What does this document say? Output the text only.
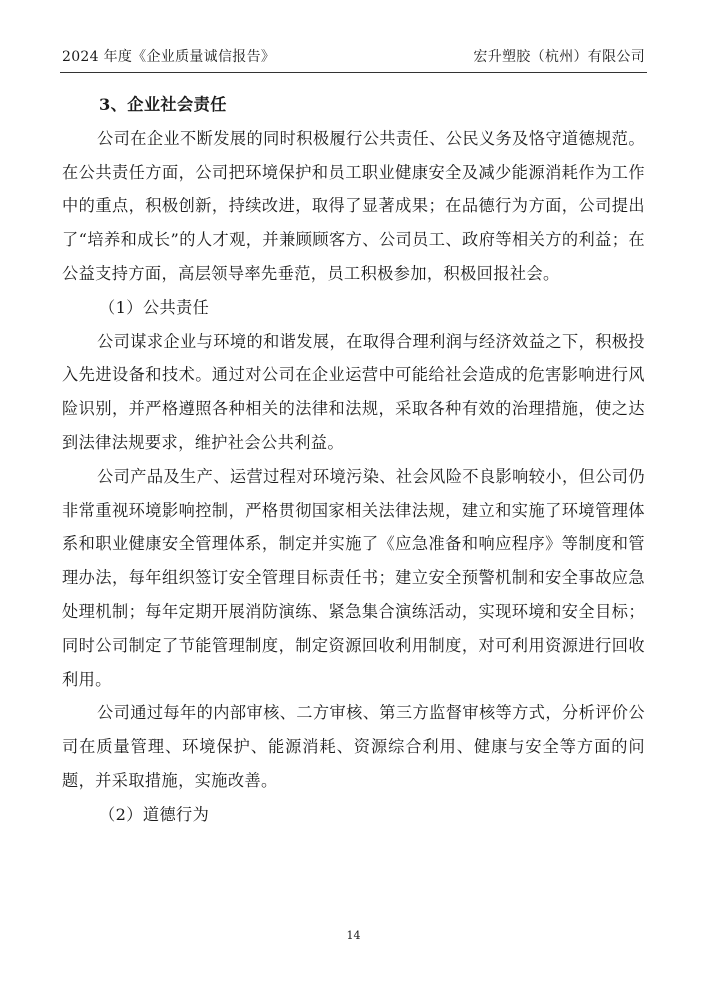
2024 年度《企业质量诚信报告》	宏升塑胶（杭州）有限公司

3、企业社会责任

公司在企业不断发展的同时积极履行公共责任、公民义务及恪守道德规范。在公共责任方面，公司把环境保护和员工职业健康安全及减少能源消耗作为工作中的重点，积极创新，持续改进，取得了显著成果；在品德行为方面，公司提出了“培养和成长”的人才观，并兼顾顾客方、公司员工、政府等相关方的利益；在公益支持方面，高层领导率先垂范，员工积极参加，积极回报社会。

（1）公共责任

公司谋求企业与环境的和谐发展，在取得合理利润与经济效益之下，积极投入先进设备和技术。通过对公司在企业运营中可能给社会造成的危害影响进行风险识别，并严格遵照各种相关的法律和法规，采取各种有效的治理措施，使之达到法律法规要求，维护社会公共利益。

公司产品及生产、运营过程对环境污染、社会风险不良影响较小，但公司仍非常重视环境影响控制，严格贯彻国家相关法律法规，建立和实施了环境管理体系和职业健康安全管理体系，制定并实施了《应急准备和响应程序》等制度和管理办法，每年组织签订安全管理目标责任书；建立安全预警机制和安全事故应急处理机制；每年定期开展消防演练、紧急集合演练活动，实现环境和安全目标；同时公司制定了节能管理制度，制定资源回收利用制度，对可利用资源进行回收利用。

公司通过每年的内部审核、二方审核、第三方监督审核等方式，分析评价公司在质量管理、环境保护、能源消耗、资源综合利用、健康与安全等方面的问题，并采取措施，实施改善。

（2）道德行为

14
